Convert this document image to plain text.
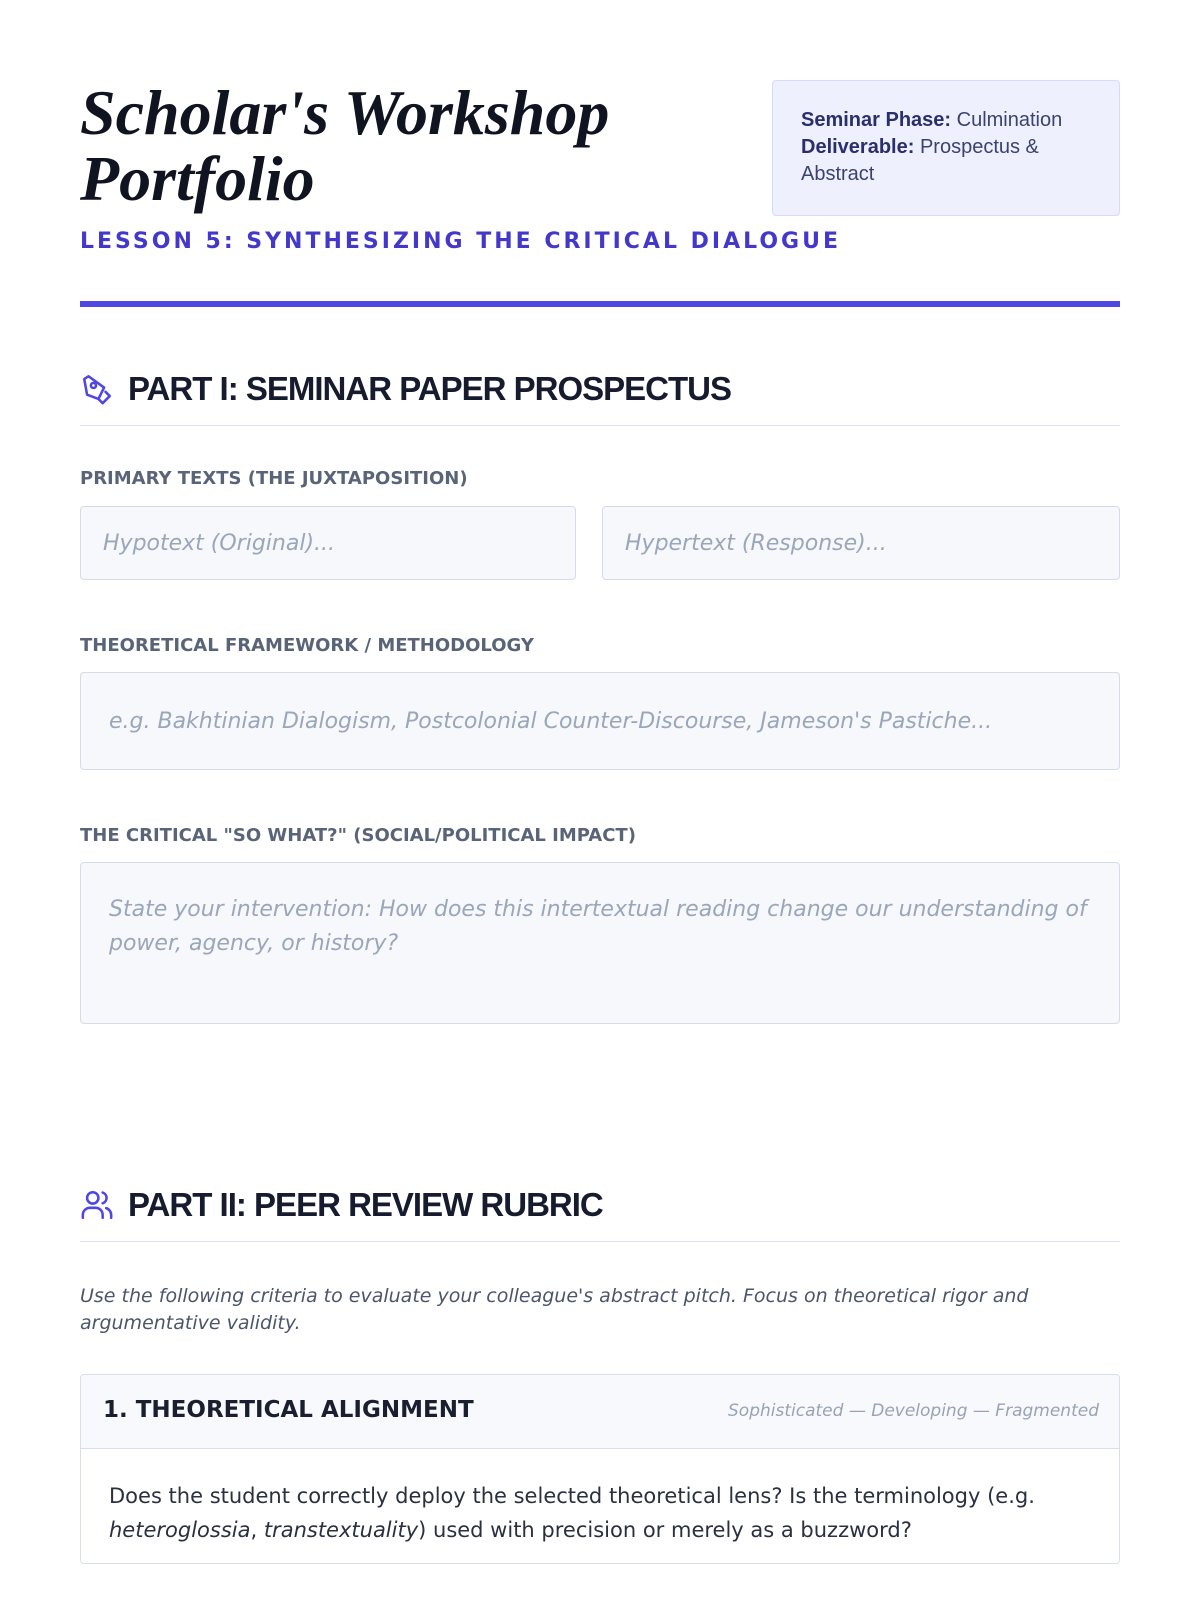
Scholar's Workshop Portfolio
LESSON 5: SYNTHESIZING THE CRITICAL DIALOGUE
Seminar Phase: Culmination
Deliverable: Prospectus & Abstract
PART I: SEMINAR PAPER PROSPECTUS
PRIMARY TEXTS (THE JUXTAPOSITION)
Hypotext (Original)...
Hypertext (Response)...
THEORETICAL FRAMEWORK / METHODOLOGY
e.g. Bakhtinian Dialogism, Postcolonial Counter-Discourse, Jameson's Pastiche...
THE CRITICAL "SO WHAT?" (SOCIAL/POLITICAL IMPACT)
State your intervention: How does this intertextual reading change our understanding of power, agency, or history?
PART II: PEER REVIEW RUBRIC

Use the following criteria to evaluate your colleague's abstract pitch. Focus on theoretical rigor and argumentative validity.

1. THEORETICAL ALIGNMENT	Sophisticated — Developing — Fragmented

Does the student correctly deploy the selected theoretical lens? Is the terminology (e.g. heteroglossia, transtextuality) used with precision or merely as a buzzword?
